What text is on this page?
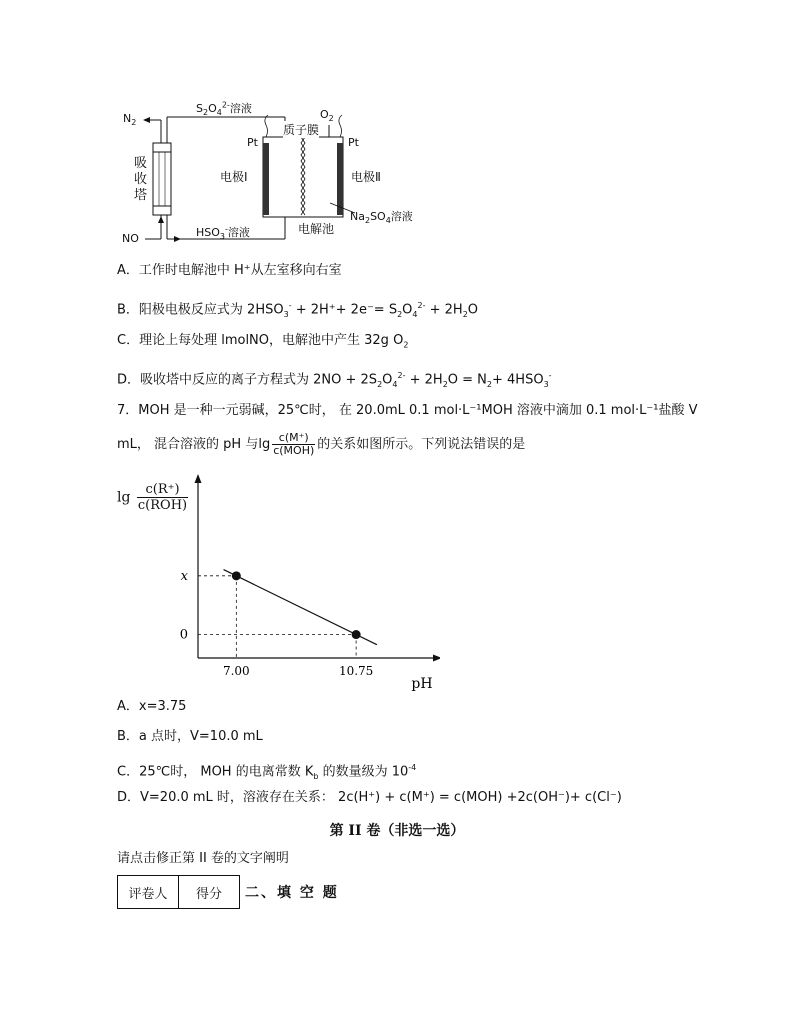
$N_2$
NO
$S_2O_4^{2-}$溶液
$HSO_3^-$溶液
吸
收
塔
$O_2$
质子膜
Pt	Pt
电极Ⅰ	电极Ⅱ
$Na_2SO_4$溶液
电解池
A．工作时电解池中 H⁺从左室移向右室
B．阳极电极反应式为 $2HSO_3^- + 2H^++ 2e^-= S_2O_4^{2-} + 2H_2O$
C．理论上每处理 lmolNO，电解池中产生 32g $O_2$
D．吸收塔中反应的离子方程式为 $2NO + 2S_2O_4^{2-} + 2H_2O = N_2+ 4HSO_3^-$
7．MOH 是一种一元弱碱，25℃时， 在 20.0mL 0.1 mol·L⁻¹MOH 溶液中滴加 0.1 mol·L⁻¹盐酸 V
mL， 混合溶液的 pH 与$\lg \frac{c(M^+)}{\text{c(MOH)}}$ 的关系如图所示。下列说法错误的是
$\lg \frac{c(R^+)}{\text{c(ROH)}}$
7.00
x
10.75
0
pH
A．x=3.75
B．a 点时，V=10.0 mL
C．25℃时， MOH 的电离常数 $K_b$ 的数量级为 $10^{-4}$
D．V=20.0 mL 时，溶液存在关系： 2c(H⁺) + c(M⁺) = c(MOH) +2c(OH⁻)+ c(Cl⁻)
第 II 卷（非选一选）
请点击修正第 II 卷的文字阐明
评卷人	得分 二、填 空 题
